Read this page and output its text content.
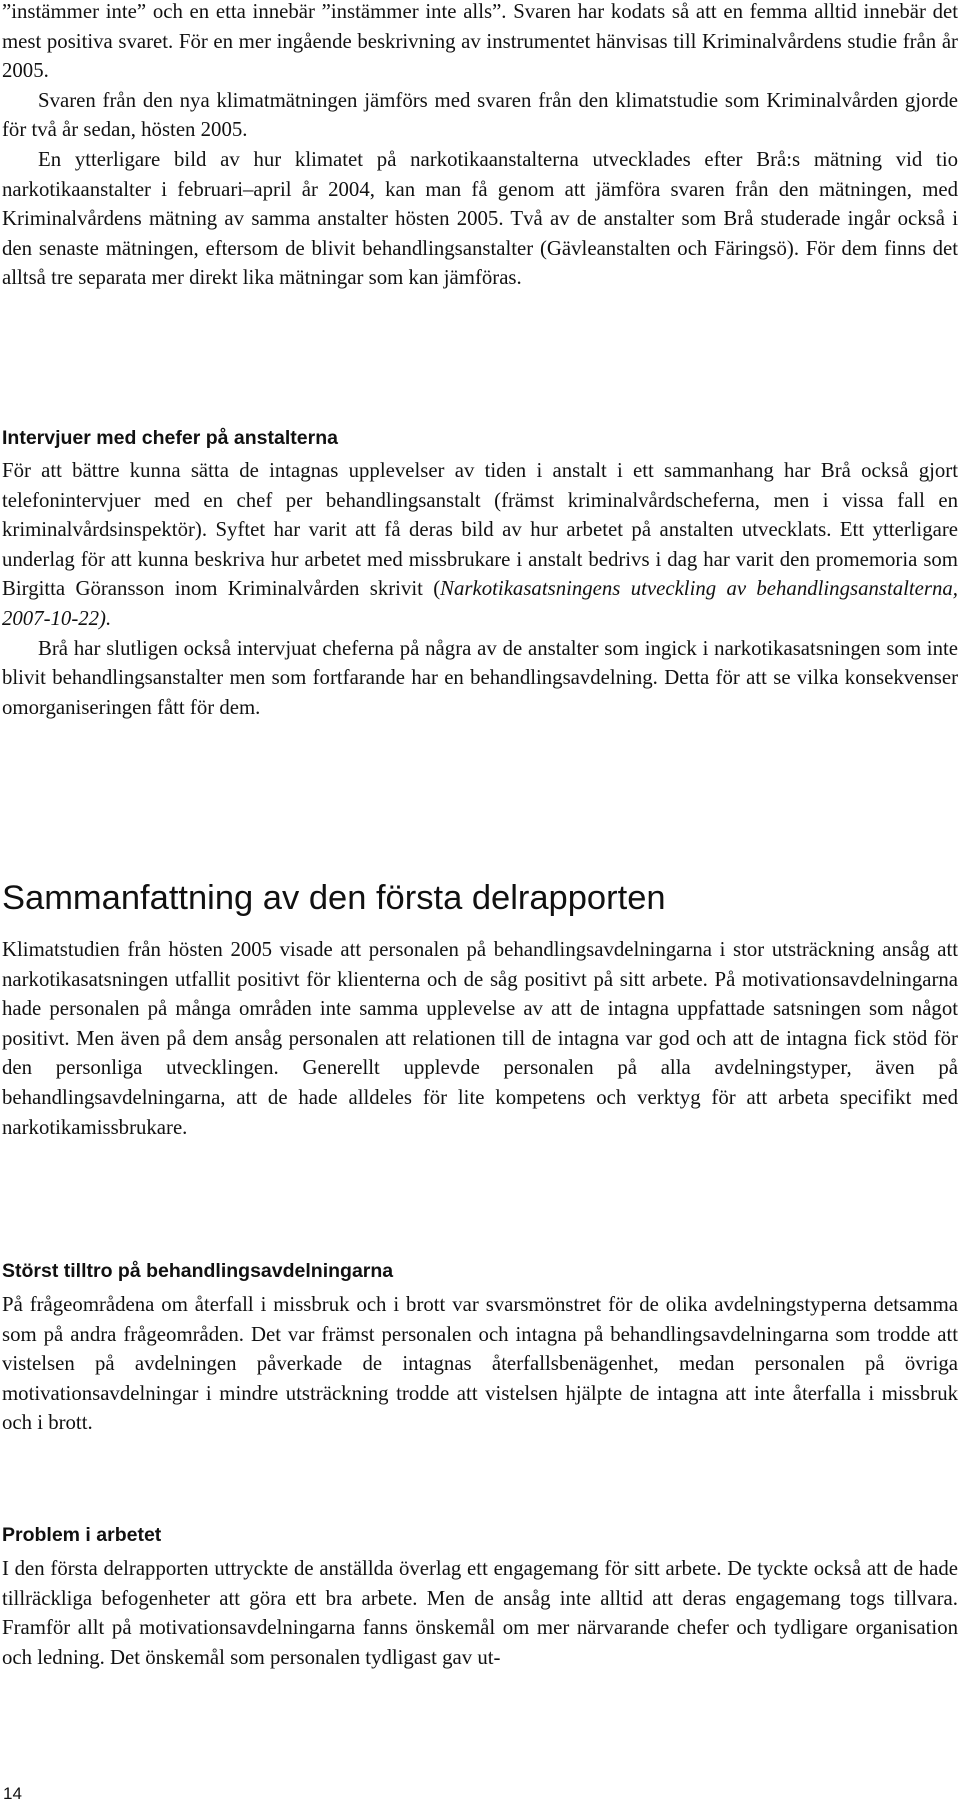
”instämmer inte” och en etta innebär ”instämmer inte alls”. Svaren har kodats så att en femma alltid innebär det mest positiva svaret. För en mer ingående beskrivning av instrumentet hänvisas till Kriminalvårdens studie från år 2005.

Svaren från den nya klimatmätningen jämförs med svaren från den klimatstudie som Kriminalvården gjorde för två år sedan, hösten 2005.

En ytterligare bild av hur klimatet på narkotikaanstalterna utvecklades efter Brå:s mätning vid tio narkotikaanstalter i februari–april år 2004, kan man få genom att jämföra svaren från den mätningen, med Kriminalvårdens mätning av samma anstalter hösten 2005. Två av de anstalter som Brå studerade ingår också i den senaste mätningen, eftersom de blivit behandlingsanstalter (Gävleanstalten och Färingsö). För dem finns det alltså tre separata mer direkt lika mätningar som kan jämföras.

Intervjuer med chefer på anstalterna

För att bättre kunna sätta de intagnas upplevelser av tiden i anstalt i ett sammanhang har Brå också gjort telefonintervjuer med en chef per behandlingsanstalt (främst kriminalvårdscheferna, men i vissa fall en kriminalvårdsinspektör). Syftet har varit att få deras bild av hur arbetet på anstalten utvecklats. Ett ytterligare underlag för att kunna beskriva hur arbetet med missbrukare i anstalt bedrivs i dag har varit den promemoria som Birgitta Göransson inom Kriminalvården skrivit (Narkotikasatsningens utveckling av behandlingsanstalterna, 2007-10-22).

Brå har slutligen också intervjuat cheferna på några av de anstalter som ingick i narkotikasatsningen som inte blivit behandlingsanstalter men som fortfarande har en behandlingsavdelning. Detta för att se vilka konsekvenser omorganiseringen fått för dem.

Sammanfattning av den första delrapporten

Klimatstudien från hösten 2005 visade att personalen på behandlingsavdelningarna i stor utsträckning ansåg att narkotikasatsningen utfallit positivt för klienterna och de såg positivt på sitt arbete. På motivationsavdelningarna hade personalen på många områden inte samma upplevelse av att de intagna uppfattade satsningen som något positivt. Men även på dem ansåg personalen att relationen till de intagna var god och att de intagna fick stöd för den personliga utvecklingen. Generellt upplevde personalen på alla avdelningstyper, även på behandlingsavdelningarna, att de hade alldeles för lite kompetens och verktyg för att arbeta specifikt med narkotikamissbrukare.

Störst tilltro på behandlingsavdelningarna

På frågeområdena om återfall i missbruk och i brott var svarsmönstret för de olika avdelningstyperna detsamma som på andra frågeområden. Det var främst personalen och intagna på behandlingsavdelningarna som trodde att vistelsen på avdelningen påverkade de intagnas återfallsbenägenhet, medan personalen på övriga motivationsavdelningar i mindre utsträckning trodde att vistelsen hjälpte de intagna att inte återfalla i missbruk och i brott.

Problem i arbetet

I den första delrapporten uttryckte de anställda överlag ett engagemang för sitt arbete. De tyckte också att de hade tillräckliga befogenheter att göra ett bra arbete. Men de ansåg inte alltid att deras engagemang togs tillvara. Framför allt på motivationsavdelningarna fanns önskemål om mer närvarande chefer och tydligare organisation och ledning. Det önskemål som personalen tydligast gav ut-

14
